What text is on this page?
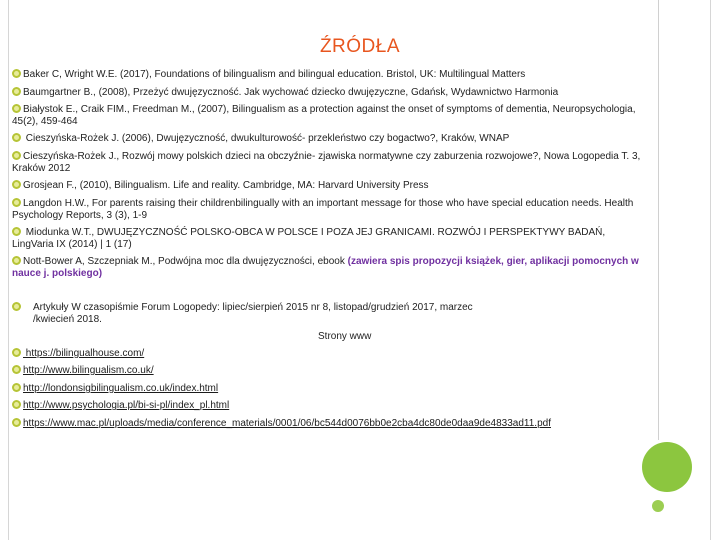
ŹRÓDŁA
Baker C, Wright W.E. (2017), Foundations of bilingualism and bilingual education. Bristol, UK: Multilingual Matters
Baumgartner B., (2008), Przeżyć dwujęzyczność. Jak wychować dziecko dwujęzyczne, Gdańsk, Wydawnictwo Harmonia
Białystok E., Craik FIM., Freedman M., (2007), Bilingualism as a protection against the onset of symptoms of dementia, Neuropsychologia, 45(2), 459-464
Cieszyńska-Rożek J. (2006), Dwujęzyczność, dwukulturowość- przekleństwo czy bogactwo?, Kraków, WNAP
Cieszyńska-Rożek J., Rozwój mowy polskich dzieci na obczyźnie- zjawiska normatywne czy zaburzenia rozwojowe?, Nowa Logopedia T. 3, Kraków 2012
Grosjean F., (2010), Bilingualism. Life and reality. Cambridge, MA: Harvard University Press
Langdon H.W., For parents raising their childrenbilingually with an important message for those who have special education needs. Health Psychology Reports, 3 (3), 1-9
Miodunka W.T., DWUJĘZYCZNOŚĆ POLSKO-OBCA W POLSCE I POZA JEJ GRANICAMI. ROZWÓJ I PERSPEKTYWY BADAŃ, LingVaria IX (2014) | 1 (17)
Nott-Bower A, Szczepniak M., Podwójna moc dla dwujęzyczności, ebook (zawiera spis propozycji książek, gier, aplikacji pomocnych w nauce j. polskiego)
Artykuły W czasopiśmie Forum Logopedy: lipiec/sierpień 2015 nr 8, listopad/grudzień 2017, marzec /kwiecień 2018.
Strony www
https://bilingualhouse.com/
http://www.bilingualism.co.uk/
http://londonsigbilingualism.co.uk/index.html
http://www.psychologia.pl/bi-si-pl/index_pl.html
https://www.mac.pl/uploads/media/conference_materials/0001/06/bc544d0076bb0e2cba4dc80de0daa9de4833ad11.pdf
